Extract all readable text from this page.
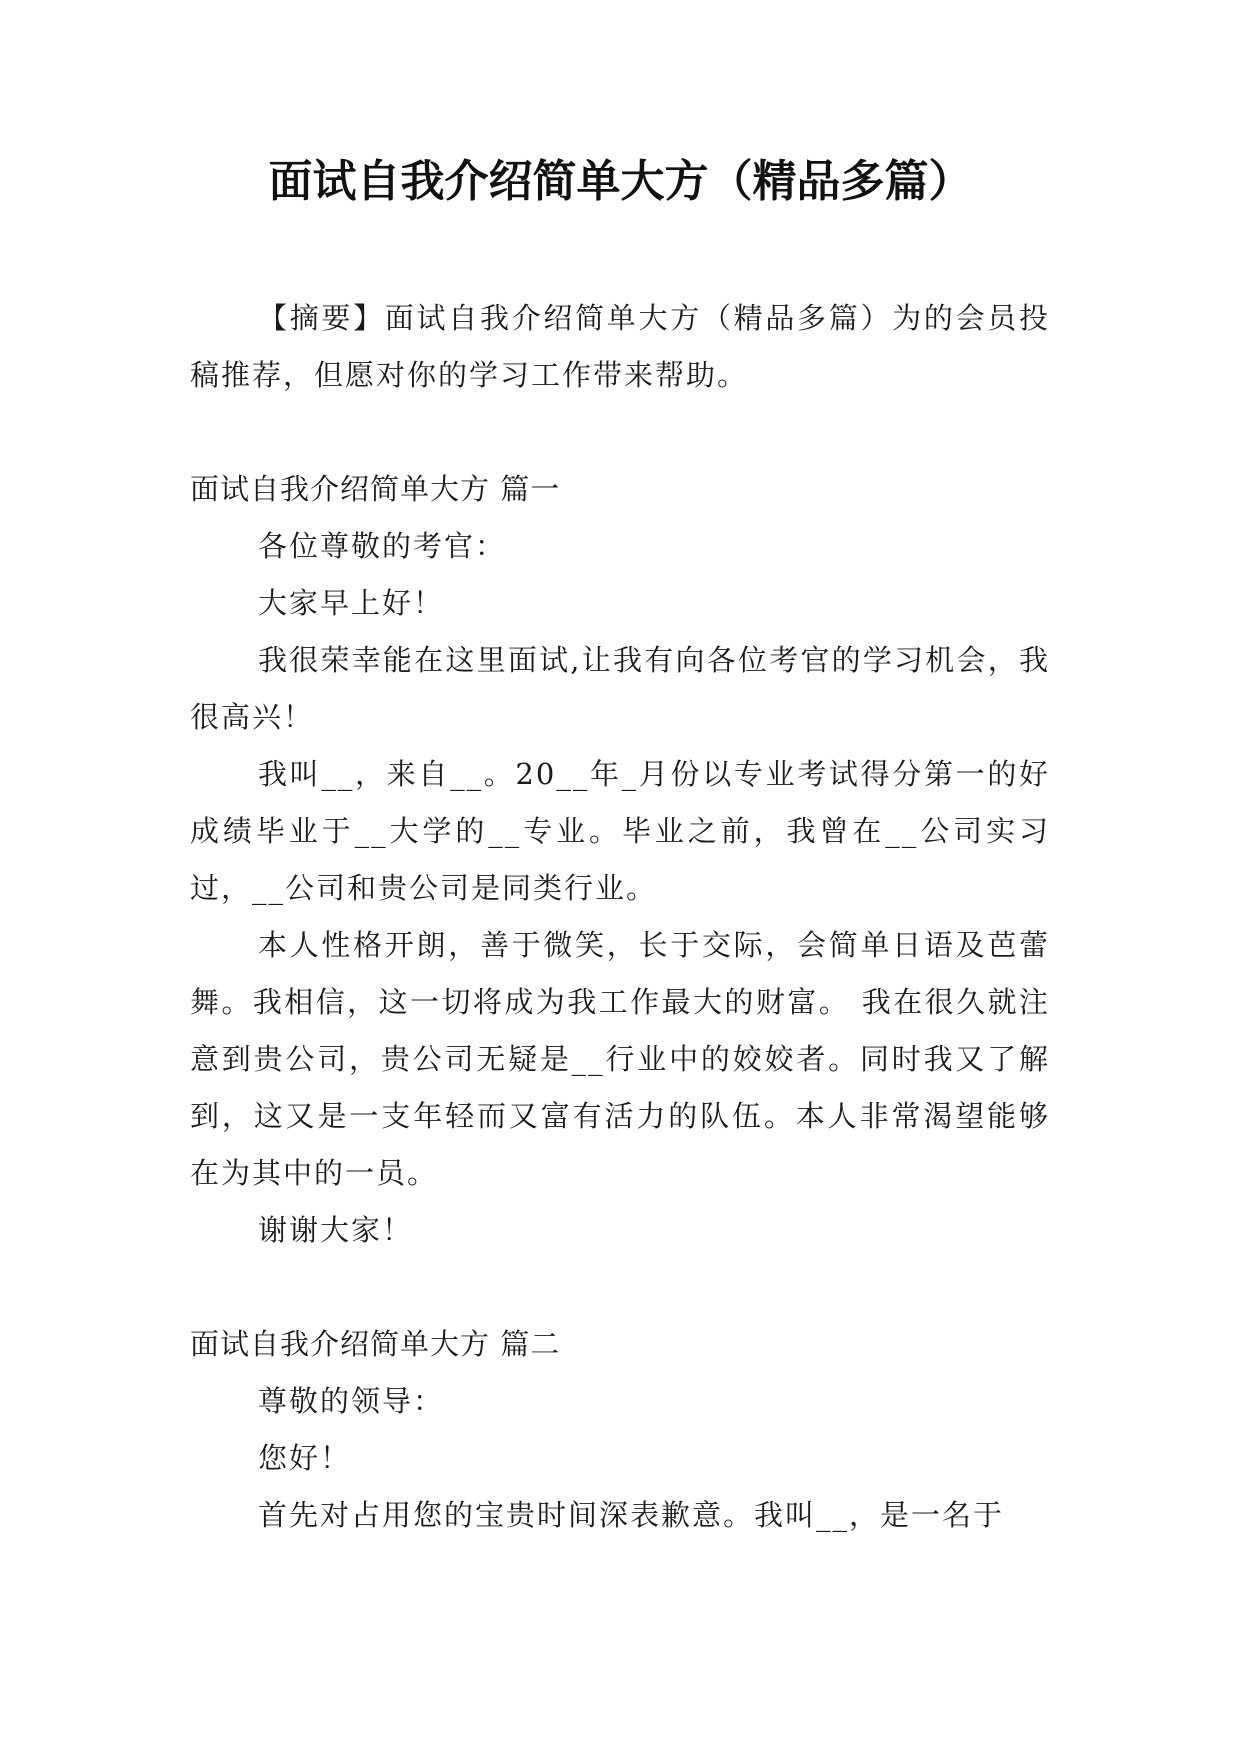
面试自我介绍简单大方（精品多篇）

【摘要】面试自我介绍简单大方（精品多篇）为的会员投稿推荐，但愿对你的学习工作带来帮助。

面试自我介绍简单大方 篇一

各位尊敬的考官：

大家早上好！

我很荣幸能在这里面试,让我有向各位考官的学习机会，我很高兴！

我叫__，来自__。20__年_月份以专业考试得分第一的好成绩毕业于__大学的__专业。毕业之前，我曾在__公司实习过，__公司和贵公司是同类行业。

本人性格开朗，善于微笑，长于交际，会简单日语及芭蕾舞。我相信，这一切将成为我工作最大的财富。 我在很久就注意到贵公司，贵公司无疑是__行业中的姣姣者。同时我又了解到，这又是一支年轻而又富有活力的队伍。本人非常渴望能够在为其中的一员。

谢谢大家！

面试自我介绍简单大方 篇二

尊敬的领导：

您好！

首先对占用您的宝贵时间深表歉意。我叫__，是一名于
